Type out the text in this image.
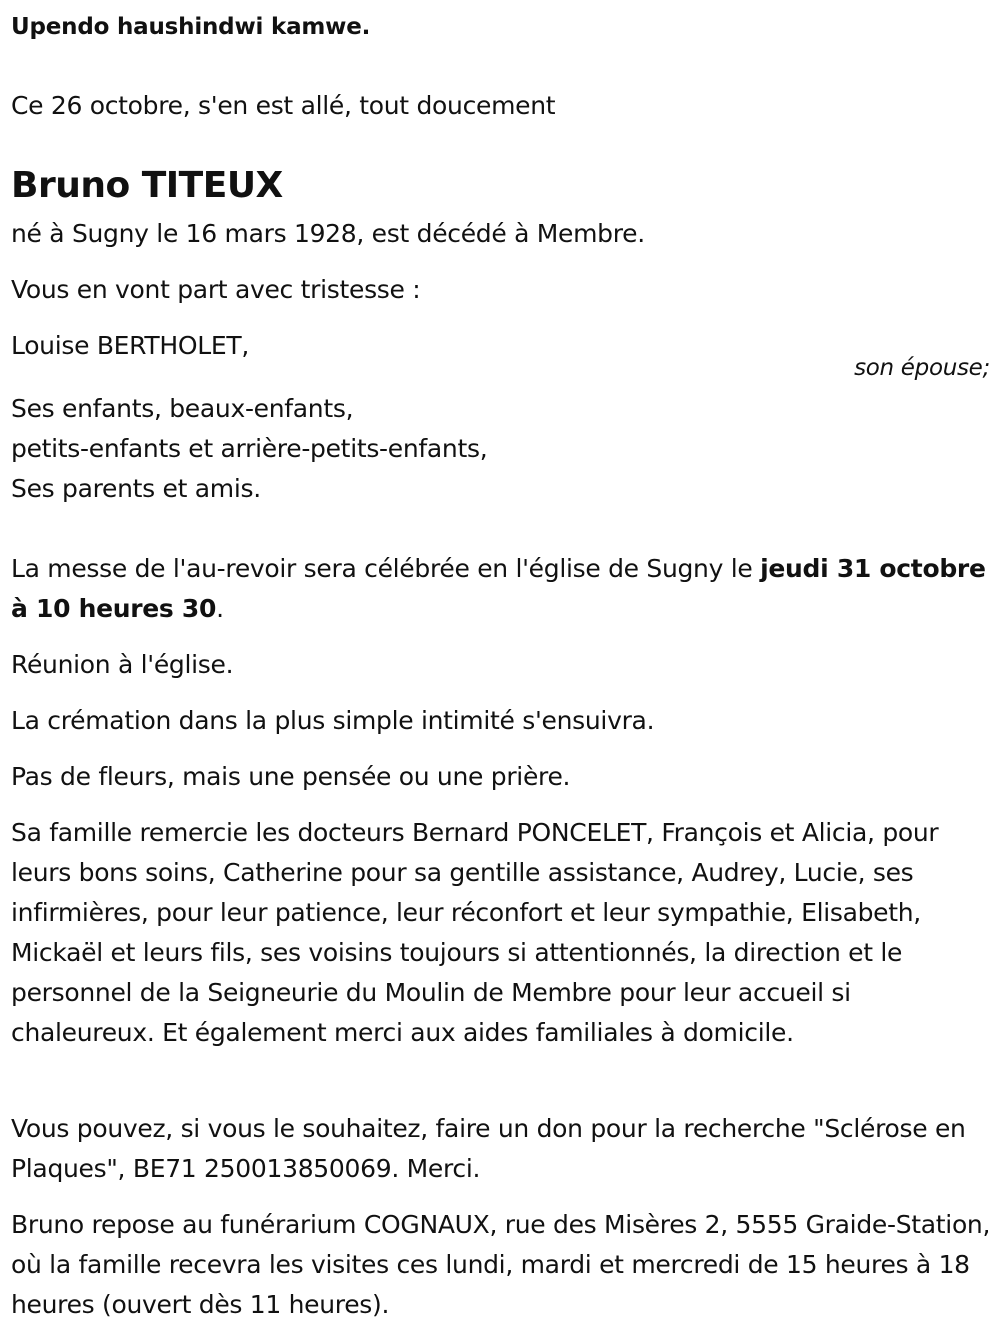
Upendo haushindwi kamwe.
Ce 26 octobre, s'en est allé, tout doucement
Bruno TITEUX
né à Sugny le 16 mars 1928, est décédé à Membre.
Vous en vont part avec tristesse :
Louise BERTHOLET,
son épouse;
Ses enfants, beaux-enfants,
petits-enfants et arrière-petits-enfants,
Ses parents et amis.
La messe de l'au-revoir sera célébrée en l'église de Sugny le jeudi 31 octobre à 10 heures 30.
Réunion à l'église.
La crémation dans la plus simple intimité s'ensuivra.
Pas de fleurs, mais une pensée ou une prière.
Sa famille remercie les docteurs Bernard PONCELET, François et Alicia, pour leurs bons soins, Catherine pour sa gentille assistance, Audrey, Lucie, ses infirmières, pour leur patience, leur réconfort et leur sympathie, Elisabeth, Mickaël et leurs fils, ses voisins toujours si attentionnés, la direction et le personnel de la Seigneurie du Moulin de Membre pour leur accueil si chaleureux. Et également merci aux aides familiales à domicile.
Vous pouvez, si vous le souhaitez, faire un don pour la recherche "Sclérose en Plaques", BE71 250013850069. Merci.
Bruno repose au funérarium COGNAUX, rue des Misères 2, 5555 Graide-Station, où la famille recevra les visites ces lundi, mardi et mercredi de 15 heures à 18 heures (ouvert dès 11 heures).
